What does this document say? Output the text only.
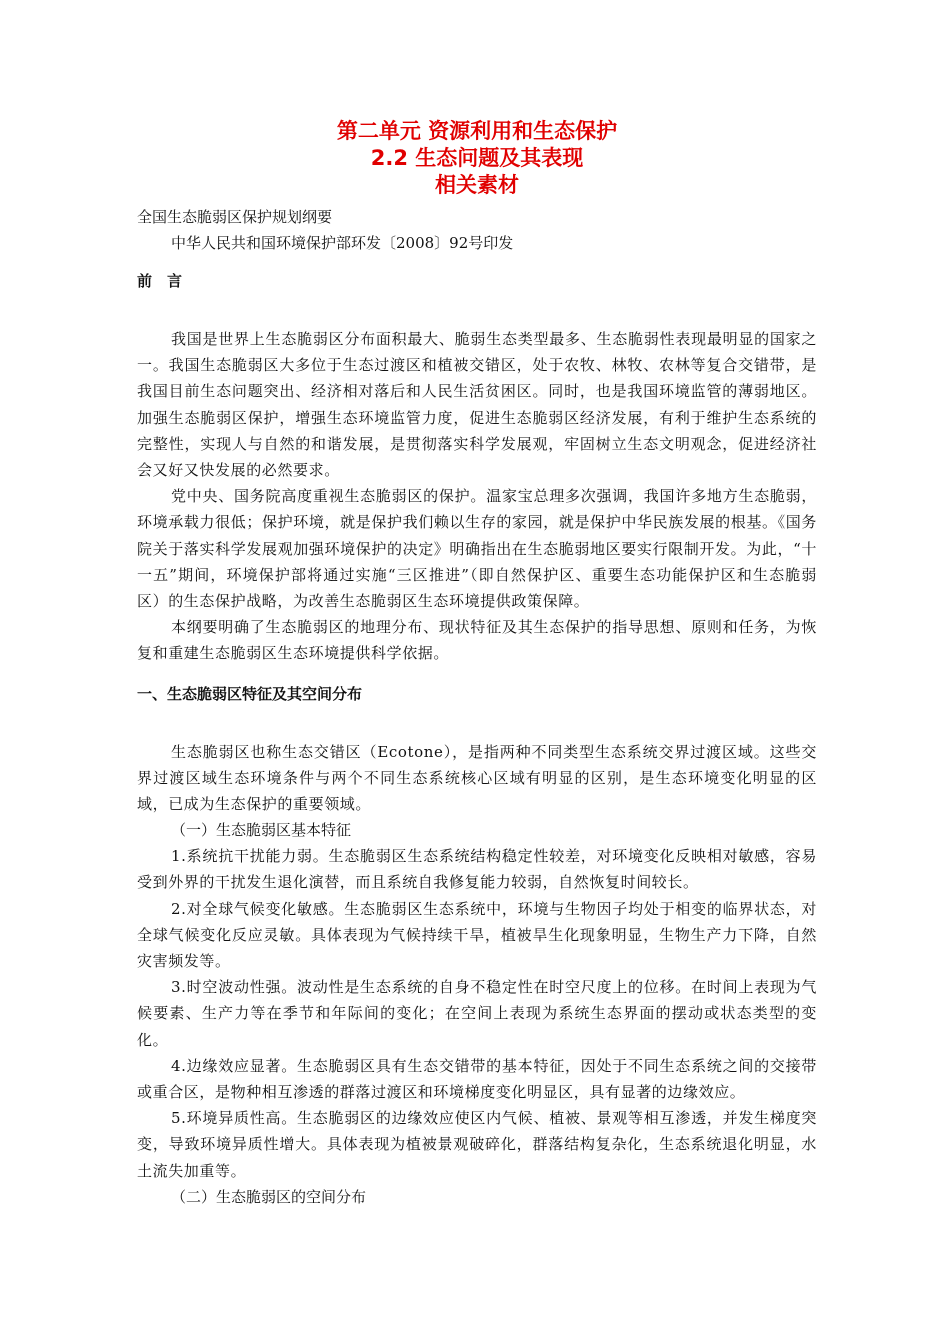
第二单元 资源利用和生态保护
2.2 生态问题及其表现
相关素材
全国生态脆弱区保护规划纲要
中华人民共和国环境保护部环发〔2008〕92号印发
前　言

我国是世界上生态脆弱区分布面积最大、脆弱生态类型最多、生态脆弱性表现最明显的国家之一。我国生态脆弱区大多位于生态过渡区和植被交错区，处于农牧、林牧、农林等复合交错带，是我国目前生态问题突出、经济相对落后和人民生活贫困区。同时，也是我国环境监管的薄弱地区。加强生态脆弱区保护，增强生态环境监管力度，促进生态脆弱区经济发展，有利于维护生态系统的完整性，实现人与自然的和谐发展，是贯彻落实科学发展观，牢固树立生态文明观念，促进经济社会又好又快发展的必然要求。

党中央、国务院高度重视生态脆弱区的保护。温家宝总理多次强调，我国许多地方生态脆弱，环境承载力很低；保护环境，就是保护我们赖以生存的家园，就是保护中华民族发展的根基。《国务院关于落实科学发展观加强环境保护的决定》明确指出在生态脆弱地区要实行限制开发。为此，“十一五”期间，环境保护部将通过实施“三区推进”（即自然保护区、重要生态功能保护区和生态脆弱区）的生态保护战略，为改善生态脆弱区生态环境提供政策保障。

本纲要明确了生态脆弱区的地理分布、现状特征及其生态保护的指导思想、原则和任务，为恢复和重建生态脆弱区生态环境提供科学依据。

一、生态脆弱区特征及其空间分布

生态脆弱区也称生态交错区（Ecotone），是指两种不同类型生态系统交界过渡区域。这些交界过渡区域生态环境条件与两个不同生态系统核心区域有明显的区别，是生态环境变化明显的区域，已成为生态保护的重要领域。

（一）生态脆弱区基本特征

1.系统抗干扰能力弱。生态脆弱区生态系统结构稳定性较差，对环境变化反映相对敏感，容易受到外界的干扰发生退化演替，而且系统自我修复能力较弱，自然恢复时间较长。

2.对全球气候变化敏感。生态脆弱区生态系统中，环境与生物因子均处于相变的临界状态，对全球气候变化反应灵敏。具体表现为气候持续干旱，植被旱生化现象明显，生物生产力下降，自然灾害频发等。

3.时空波动性强。波动性是生态系统的自身不稳定性在时空尺度上的位移。在时间上表现为气候要素、生产力等在季节和年际间的变化；在空间上表现为系统生态界面的摆动或状态类型的变化。

4.边缘效应显著。生态脆弱区具有生态交错带的基本特征，因处于不同生态系统之间的交接带或重合区，是物种相互渗透的群落过渡区和环境梯度变化明显区，具有显著的边缘效应。

5.环境异质性高。生态脆弱区的边缘效应使区内气候、植被、景观等相互渗透，并发生梯度突变，导致环境异质性增大。具体表现为植被景观破碎化，群落结构复杂化，生态系统退化明显，水土流失加重等。

（二）生态脆弱区的空间分布
